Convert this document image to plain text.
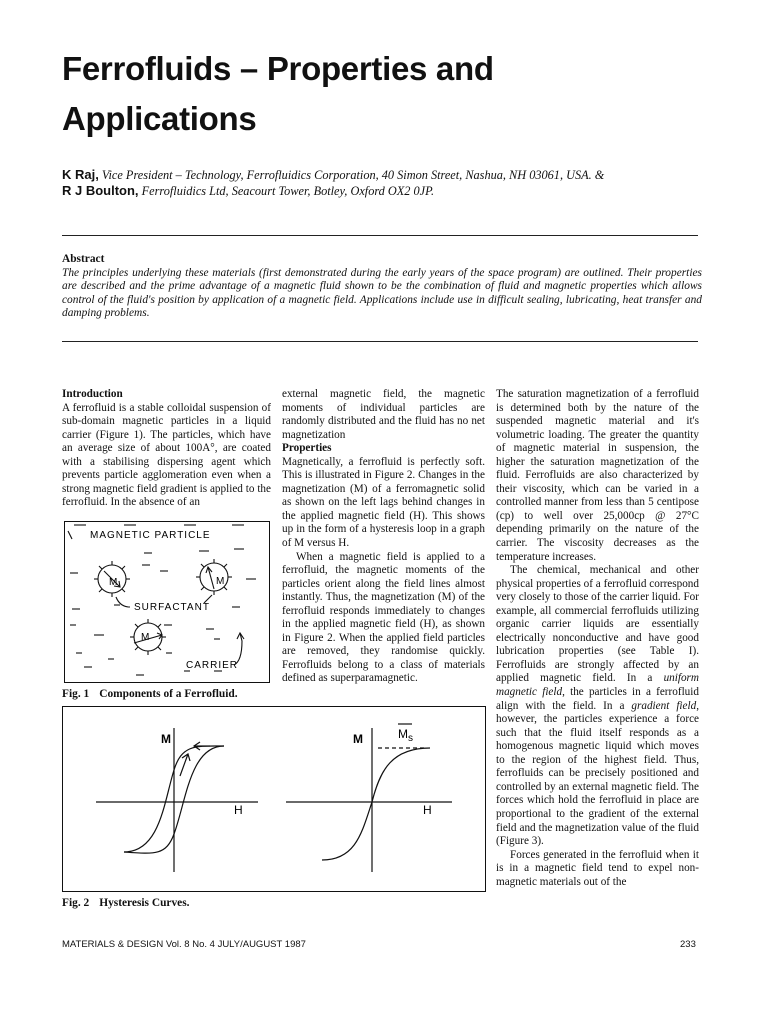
Ferrofluids – Properties and
Applications
K Raj, Vice President – Technology, Ferrofluidics Corporation, 40 Simon Street, Nashua, NH 03061, USA. &
R J Boulton, Ferrofluidics Ltd, Seacourt Tower, Botley, Oxford OX2 0JP.
Abstract
The principles underlying these materials (first demonstrated during the early years of the space program) are outlined. Their properties are described and the prime advantage of a magnetic fluid shown to be the combination of fluid and magnetic properties which allows control of the fluid's position by application of a magnetic field. Applications include use in difficult sealing, lubricating, heat transfer and damping problems.

Introduction

A ferrofluid is a stable colloidal suspension of sub-domain magnetic particles in a liquid carrier (Figure 1). The particles, which have an average size of about 100A°, are coated with a stabilising dispersing agent which prevents particle agglomeration even when a strong magnetic field gradient is applied to the ferrofluid. In the absence of an

MAGNETIC PARTICLE
SURFACTANT
CARRIER
M	M
M
Fig. 1 Components of a Ferrofluid.

external magnetic field, the magnetic moments of individual particles are randomly distributed and the fluid has no net magnetization

Properties

Magnetically, a ferrofluid is perfectly soft. This is illustrated in Figure 2. Changes in the magnetization (M) of a ferromagnetic solid as shown on the left lags behind changes in the applied magnetic field (H). This shows up in the form of a hysteresis loop in a graph of M versus H.

When a magnetic field is applied to a ferrofluid, the magnetic moments of the particles orient along the field lines almost instantly. Thus, the magnetization (M) of the ferrofluid responds immediately to changes in the applied magnetic field (H), as shown in Figure 2. When the applied field particles are removed, they randomise quickly. Ferrofluids belong to a class of materials defined as superparamagnetic.

M
H
M
H
$M_s$
Fig. 2 Hysteresis Curves.

The saturation magnetization of a ferrofluid is determined both by the nature of the suspended magnetic material and it's volumetric loading. The greater the quantity of magnetic material in suspension, the higher the saturation magnetization of the fluid. Ferrofluids are also characterized by their viscosity, which can be varied in a controlled manner from less than 5 centipose (cp) to well over 25,000cp @ 27°C depending primarily on the nature of the carrier. The viscosity decreases as the temperature increases.

The chemical, mechanical and other physical properties of a ferrofluid correspond very closely to those of the carrier liquid. For example, all commercial ferrofluids utilizing organic carrier liquids are essentially electrically nonconductive and have good lubrication properties (see Table I). Ferrofluids are strongly affected by an applied magnetic field. In a uniform magnetic field, the particles in a ferrofluid align with the field. In a gradient field, however, the particles experience a force such that the fluid itself responds as a homogenous magnetic liquid which moves to the region of the highest field. Thus, ferrofluids can be precisely positioned and controlled by an external magnetic field. The forces which hold the ferrofluid in place are proportional to the gradient of the external field and the magnetization value of the fluid (Figure 3).

Forces generated in the ferrofluid when it is in a magnetic field tend to expel non-magnetic materials out of the

MATERIALS & DESIGN Vol. 8 No. 4 JULY/AUGUST 1987	233
